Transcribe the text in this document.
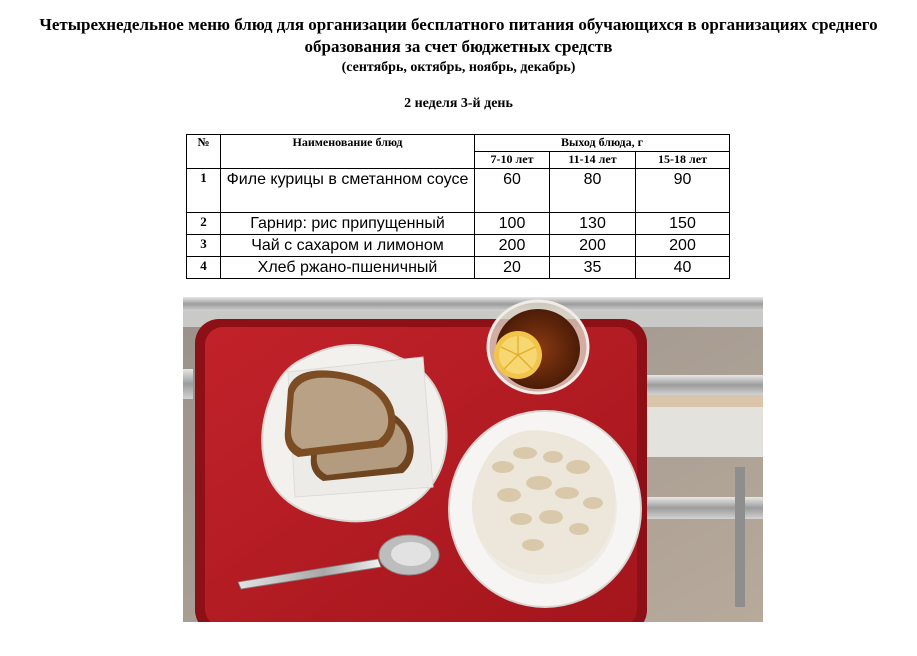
Четырехнедельное меню блюд для организации бесплатного питания обучающихся в организациях среднего образования за счет бюджетных средств
(сентябрь, октябрь, ноябрь, декабрь)
2 неделя 3-й день
№	Наименование блюд	Выход блюда, г		
		7-10 лет	11-14 лет	15-18 лет
1	Филе курицы в сметанном соусе	60	80	90
2	Гарнир: рис припущенный	100	130	150
3	Чай с сахаром и лимоном	200	200	200
4	Хлеб ржано-пшеничный	20	35	40
